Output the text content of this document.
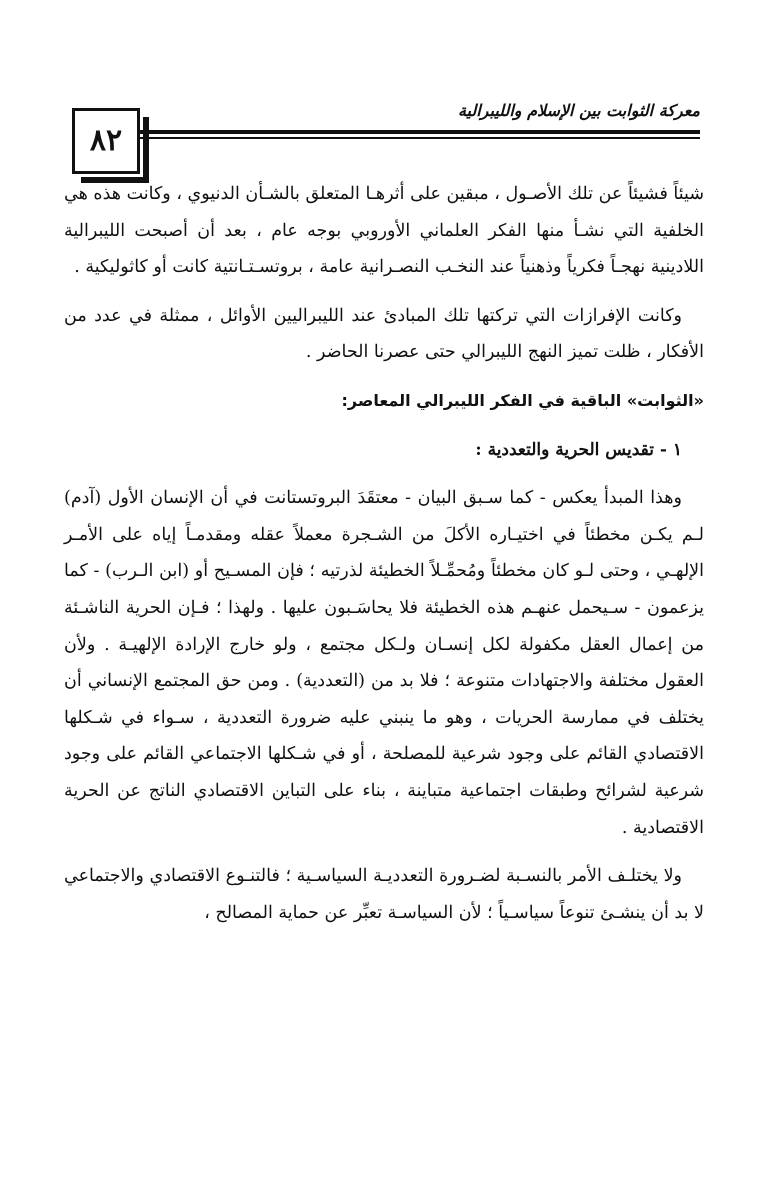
٨٢
معركة الثوابت بين الإسلام والليبرالية

شيئاً فشيئاً عن تلك الأصـول ، مبقين على أثرهـا المتعلق بالشـأن الدنيوي ، وكانت هذه هي الخلفية التي نشـأ منها الفكر العلماني الأوروبي بوجه عام ، بعد أن أصبحت الليبرالية اللادينية نهجـاً فكرياً وذهنياً عند النخـب النصـرانية عامة ، بروتسـتـانتية كانت أو كاثوليكية .

وكانت الإفرازات التي تركتها تلك المبادئ عند الليبراليين الأوائل ، ممثلة في عدد من الأفكار ، ظلت تميز النهج الليبرالي حتى عصرنا الحاضر .

«الثوابت» الباقية في الفكر الليبرالي المعاصر:

١ - تقديس الحرية والتعددية :

وهذا المبدأ يعكس - كما سـبق البيان - معتقَدَ البروتستانت في أن الإنسان الأول (آدم) لـم يكـن مخطئاً في اختيـاره الأكلَ من الشـجرة معملاً عقله ومقدمـاً إياه على الأمـر الإلهـي ، وحتى لـو كان مخطئاً ومُحمِّـلاً الخطيئة لذرتيه ؛ فإن المسـيح أو (ابن الـرب) - كما يزعمون - سـيحمل عنهـم هذه الخطيئة فلا يحاسَـبون عليها . ولهذا ؛ فـإن الحرية الناشـئة من إعمال العقل مكفولة لكل إنسـان ولـكل مجتمع ، ولو خارج الإرادة الإلهيـة . ولأن العقول مختلفة والاجتهادات متنوعة ؛ فلا بد من (التعددية) . ومن حق المجتمع الإنساني أن يختلف في ممارسة الحريات ، وهو ما ينبني عليه ضرورة التعددية ، سـواء في شـكلها الاقتصادي القائم على وجود شرعية للمصلحة ، أو في شـكلها الاجتماعي القائم على وجود شرعية لشرائح وطبقات اجتماعية متباينة ، بناء على التباين الاقتصادي الناتج عن الحرية الاقتصادية .

ولا يختلـف الأمر بالنسـبة لضـرورة التعدديـة السياسـية ؛ فالتنـوع الاقتصادي والاجتماعي لا بد أن ينشـئ تنوعاً سياسـياً ؛ لأن السياسـة تعبِّر عن حماية المصالح ،
